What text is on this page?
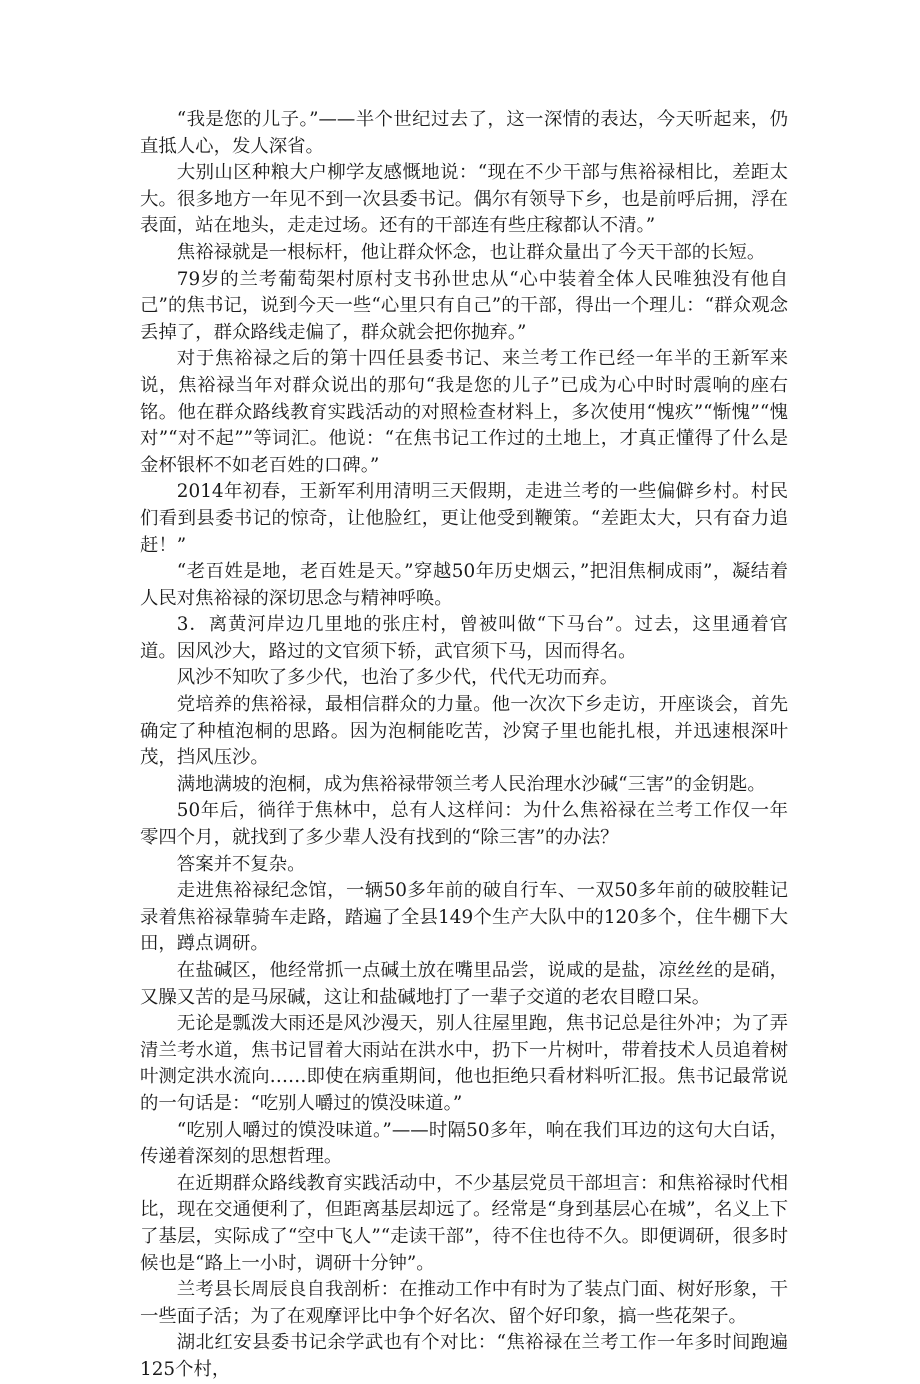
“我是您的儿子。”——半个世纪过去了，这一深情的表达，今天听起来，仍直抵人心，发人深省。

大别山区种粮大户柳学友感慨地说：“现在不少干部与焦裕禄相比，差距太大。很多地方一年见不到一次县委书记。偶尔有领导下乡，也是前呼后拥，浮在表面，站在地头，走走过场。还有的干部连有些庄稼都认不清。”

焦裕禄就是一根标杆，他让群众怀念，也让群众量出了今天干部的长短。

79岁的兰考葡萄架村原村支书孙世忠从“心中装着全体人民唯独没有他自己”的焦书记，说到今天一些“心里只有自己”的干部，得出一个理儿：“群众观念丢掉了，群众路线走偏了，群众就会把你抛弃。”

对于焦裕禄之后的第十四任县委书记、来兰考工作已经一年半的王新军来说，焦裕禄当年对群众说出的那句“我是您的儿子”已成为心中时时震响的座右铭。他在群众路线教育实践活动的对照检查材料上，多次使用“愧疚”“惭愧”“愧对”“对不起””等词汇。他说：“在焦书记工作过的土地上，才真正懂得了什么是金杯银杯不如老百姓的口碑。”

2014年初春，王新军利用清明三天假期，走进兰考的一些偏僻乡村。村民们看到县委书记的惊奇，让他脸红，更让他受到鞭策。“差距太大，只有奋力追赶！”

“老百姓是地，老百姓是天。”穿越50年历史烟云，”把泪焦桐成雨”，凝结着人民对焦裕禄的深切思念与精神呼唤。

3．离黄河岸边几里地的张庄村，曾被叫做“下马台”。过去，这里通着官道。因风沙大，路过的文官须下轿，武官须下马，因而得名。

风沙不知吹了多少代，也治了多少代，代代无功而弃。

党培养的焦裕禄，最相信群众的力量。他一次次下乡走访，开座谈会，首先确定了种植泡桐的思路。因为泡桐能吃苦，沙窝子里也能扎根，并迅速根深叶茂，挡风压沙。

满地满坡的泡桐，成为焦裕禄带领兰考人民治理水沙碱“三害”的金钥匙。

50年后，徜徉于焦林中，总有人这样问：为什么焦裕禄在兰考工作仅一年零四个月，就找到了多少辈人没有找到的“除三害”的办法？

答案并不复杂。

走进焦裕禄纪念馆，一辆50多年前的破自行车、一双50多年前的破胶鞋记录着焦裕禄靠骑车走路，踏遍了全县149个生产大队中的120多个，住牛棚下大田，蹲点调研。

在盐碱区，他经常抓一点碱土放在嘴里品尝，说咸的是盐，凉丝丝的是硝，又臊又苦的是马尿碱，这让和盐碱地打了一辈子交道的老农目瞪口呆。

无论是瓢泼大雨还是风沙漫天，别人往屋里跑，焦书记总是往外冲；为了弄清兰考水道，焦书记冒着大雨站在洪水中，扔下一片树叶，带着技术人员追着树叶测定洪水流向……即使在病重期间，他也拒绝只看材料听汇报。焦书记最常说的一句话是：“吃别人嚼过的馍没味道。”

“吃别人嚼过的馍没味道。”——时隔50多年，响在我们耳边的这句大白话，传递着深刻的思想哲理。

在近期群众路线教育实践活动中，不少基层党员干部坦言：和焦裕禄时代相比，现在交通便利了，但距离基层却远了。经常是“身到基层心在城”，名义上下了基层，实际成了“空中飞人”“走读干部”，待不住也待不久。即便调研，很多时候也是“路上一小时，调研十分钟”。

兰考县长周辰良自我剖析：在推动工作中有时为了装点门面、树好形象，干一些面子活；为了在观摩评比中争个好名次、留个好印象，搞一些花架子。

湖北红安县委书记余学武也有个对比：“焦裕禄在兰考工作一年多时间跑遍125个村，
